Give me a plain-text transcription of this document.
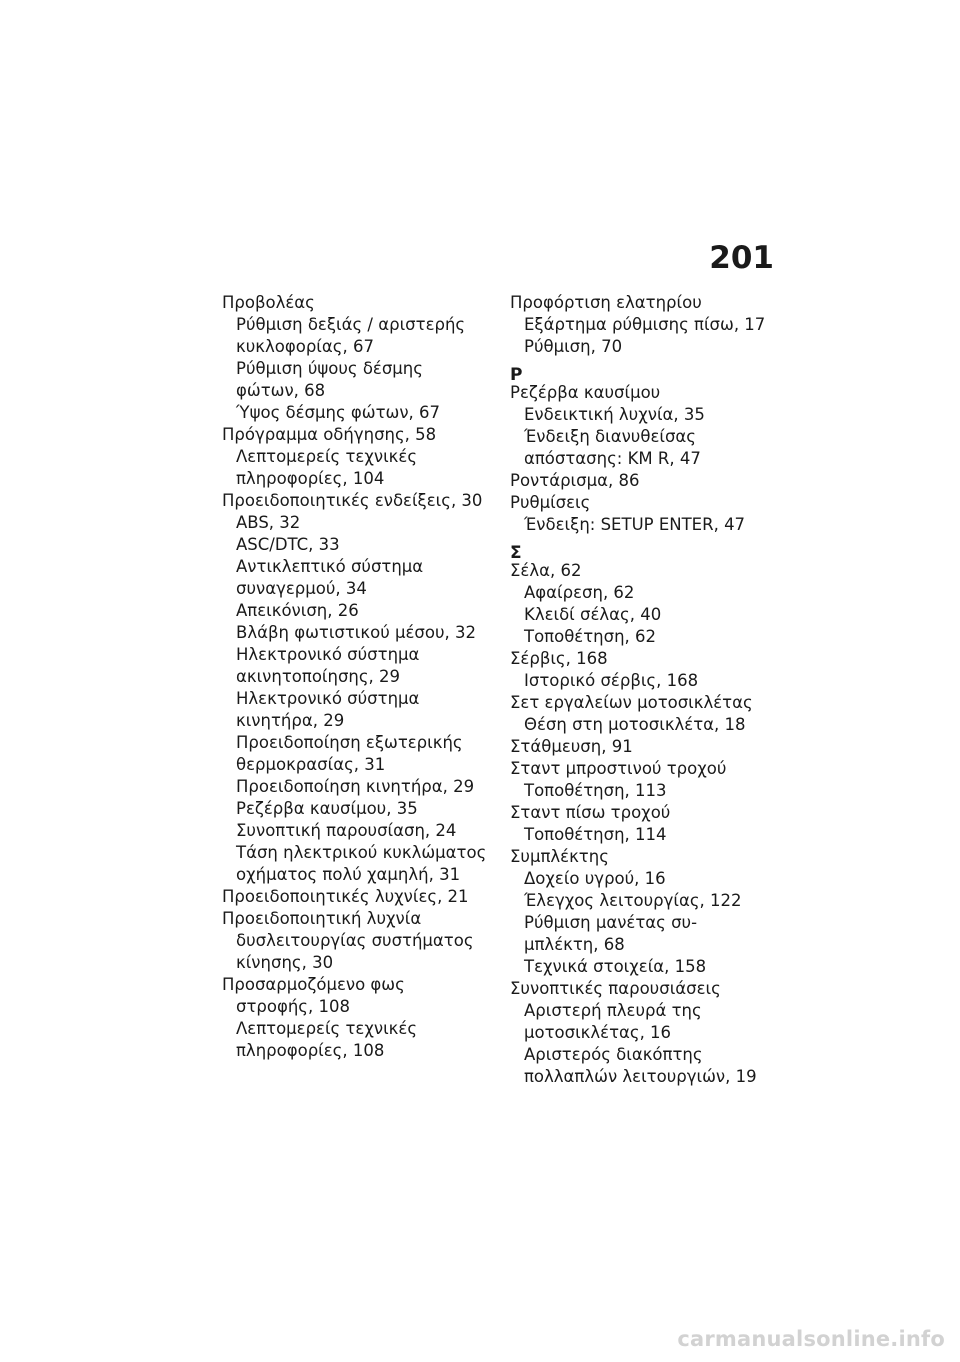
201
Προβολέας
Ρύθμιση δεξιάς / αριστερής
κυκλοφορίας, 67
Ρύθμιση ύψους δέσμης
φώτων, 68
Ύψος δέσμης φώτων, 67
Πρόγραμμα οδήγησης, 58
Λεπτομερείς τεχνικές
πληροφορίες, 104
Προειδοποιητικές ενδείξεις, 30
ABS, 32
ASC/DTC, 33
Αντικλεπτικό σύστημα
συναγερμού, 34
Απεικόνιση, 26
Βλάβη φωτιστικού μέσου, 32
Ηλεκτρονικό σύστημα
ακινητοποίησης, 29
Ηλεκτρονικό σύστημα
κινητήρα, 29
Προειδοποίηση εξωτερικής
θερμοκρασίας, 31
Προειδοποίηση κινητήρα, 29
Ρεζέρβα καυσίμου, 35
Συνοπτική παρουσίαση, 24
Τάση ηλεκτρικού κυκλώματος
οχήματος πολύ χαμηλή, 31
Προειδοποιητικές λυχνίες, 21
Προειδοποιητική λυχνία
δυσλειτουργίας συστήματος
κίνησης, 30
Προσαρμοζόμενο φως
στροφής, 108
Λεπτομερείς τεχνικές
πληροφορίες, 108
Προφόρτιση ελατηρίου
Εξάρτημα ρύθμισης πίσω, 17
Ρύθμιση, 70
Ρ
Ρεζέρβα καυσίμου
Ενδεικτική λυχνία, 35
Ένδειξη διανυθείσας
απόστασης: KM R, 47
Ροντάρισμα, 86
Ρυθμίσεις
Ένδειξη: SETUP ENTER, 47
Σ
Σέλα, 62
Αφαίρεση, 62
Κλειδί σέλας, 40
Τοποθέτηση, 62
Σέρβις, 168
Ιστορικό σέρβις, 168
Σετ εργαλείων μοτοσικλέτας
Θέση στη μοτοσικλέτα, 18
Στάθμευση, 91
Σταντ μπροστινού τροχού
Τοποθέτηση, 113
Σταντ πίσω τροχού
Τοποθέτηση, 114
Συμπλέκτης
Δοχείο υγρού, 16
Έλεγχος λειτουργίας, 122
Ρύθμιση μανέτας συ-
μπλέκτη, 68
Τεχνικά στοιχεία, 158
Συνοπτικές παρουσιάσεις
Αριστερή πλευρά της
μοτοσικλέτας, 16
Αριστερός διακόπτης
πολλαπλών λειτουργιών, 19
carmanualsonline.info
